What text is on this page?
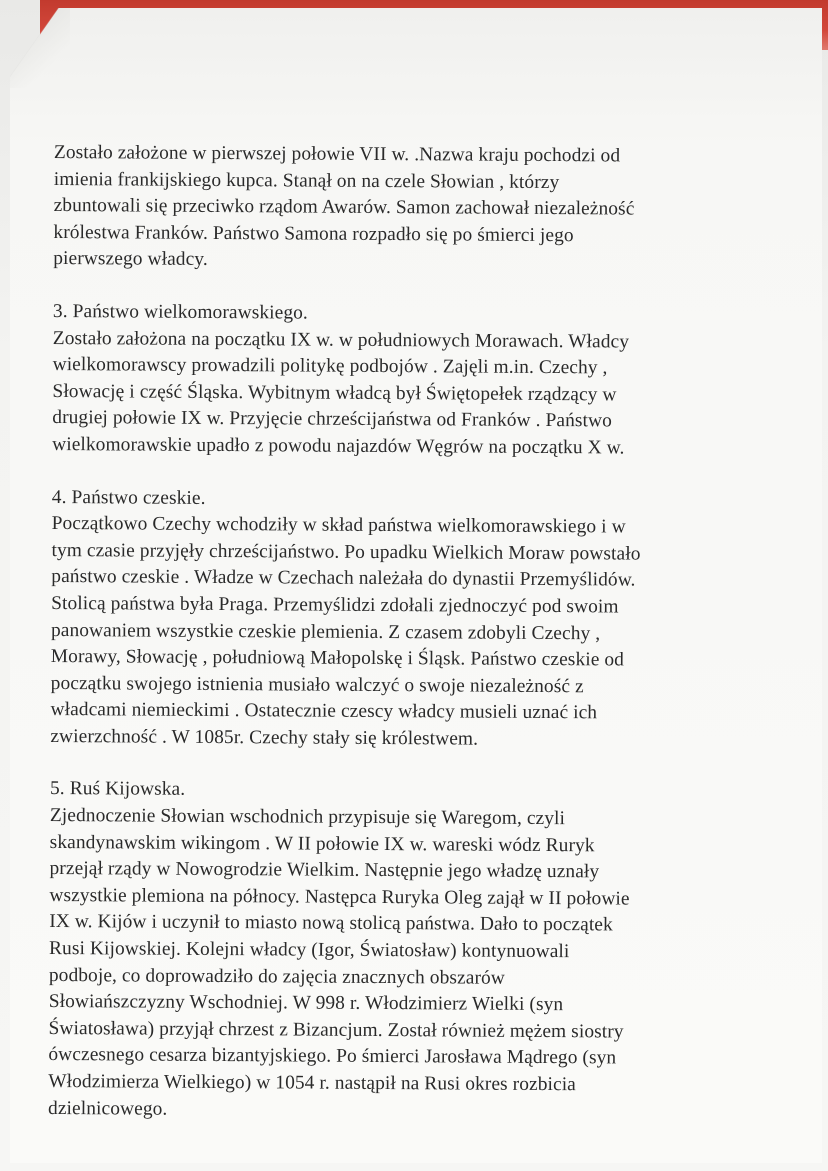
Zostało założone w pierwszej połowie VII w. .Nazwa kraju pochodzi od
imienia frankijskiego kupca. Stanął on na czele Słowian , którzy
zbuntowali się przeciwko rządom Awarów. Samon zachował niezależność
królestwa Franków. Państwo Samona rozpadło się po śmierci jego
pierwszego władcy.

3. Państwo wielkomorawskiego.
Zostało założona na początku IX w. w południowych Morawach. Władcy
wielkomorawscy prowadzili politykę podbojów . Zajęli m.in. Czechy ,
Słowację i część Śląska. Wybitnym władcą był Świętopełek rządzący w
drugiej połowie IX w. Przyjęcie chrześcijaństwa od Franków . Państwo
wielkomorawskie upadło z powodu najazdów Węgrów na początku X w.

4. Państwo czeskie.
Początkowo Czechy wchodziły w skład państwa wielkomorawskiego i w
tym czasie przyjęły chrześcijaństwo. Po upadku Wielkich Moraw powstało
państwo czeskie . Władze w Czechach należała do dynastii Przemyślidów.
Stolicą państwa była Praga. Przemyślidzi zdołali zjednoczyć pod swoim
panowaniem wszystkie czeskie plemienia. Z czasem zdobyli Czechy ,
Morawy, Słowację , południową Małopolskę i Śląsk. Państwo czeskie od
początku swojego istnienia musiało walczyć o swoje niezależność z
władcami niemieckimi . Ostatecznie czescy władcy musieli uznać ich
zwierzchność . W 1085r. Czechy stały się królestwem.

5. Ruś Kijowska.
Zjednoczenie Słowian wschodnich przypisuje się Waregom, czyli
skandynawskim wikingom . W II połowie IX w. wareski wódz Ruryk
przejął rządy w Nowogrodzie Wielkim. Następnie jego władzę uznały
wszystkie plemiona na północy. Następca Ruryka Oleg zajął w II połowie
IX w. Kijów i uczynił to miasto nową stolicą państwa. Dało to początek
Rusi Kijowskiej. Kolejni władcy (Igor, Światosław) kontynuowali
podboje, co doprowadziło do zajęcia znacznych obszarów
Słowiańszczyzny Wschodniej. W 998 r. Włodzimierz Wielki (syn
Światosława) przyjął chrzest z Bizancjum. Został również mężem siostry
ówczesnego cesarza bizantyjskiego. Po śmierci Jarosława Mądrego (syn
Włodzimierza Wielkiego) w 1054 r. nastąpił na Rusi okres rozbicia
dzielnicowego.
